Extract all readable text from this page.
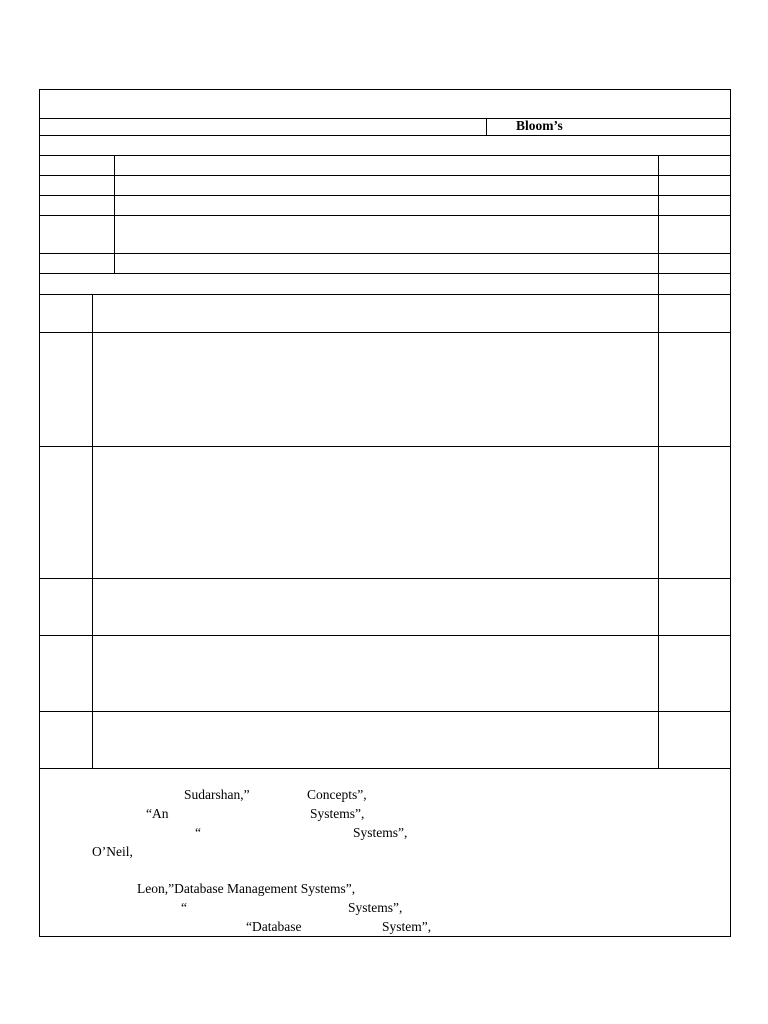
Bloom’s
Sudarshan,”	Concepts”,
“An	Systems”,
“	Systems”,
O’Neil,
Leon,”Database Management Systems”,
“	Systems”,
“Database	System”,
